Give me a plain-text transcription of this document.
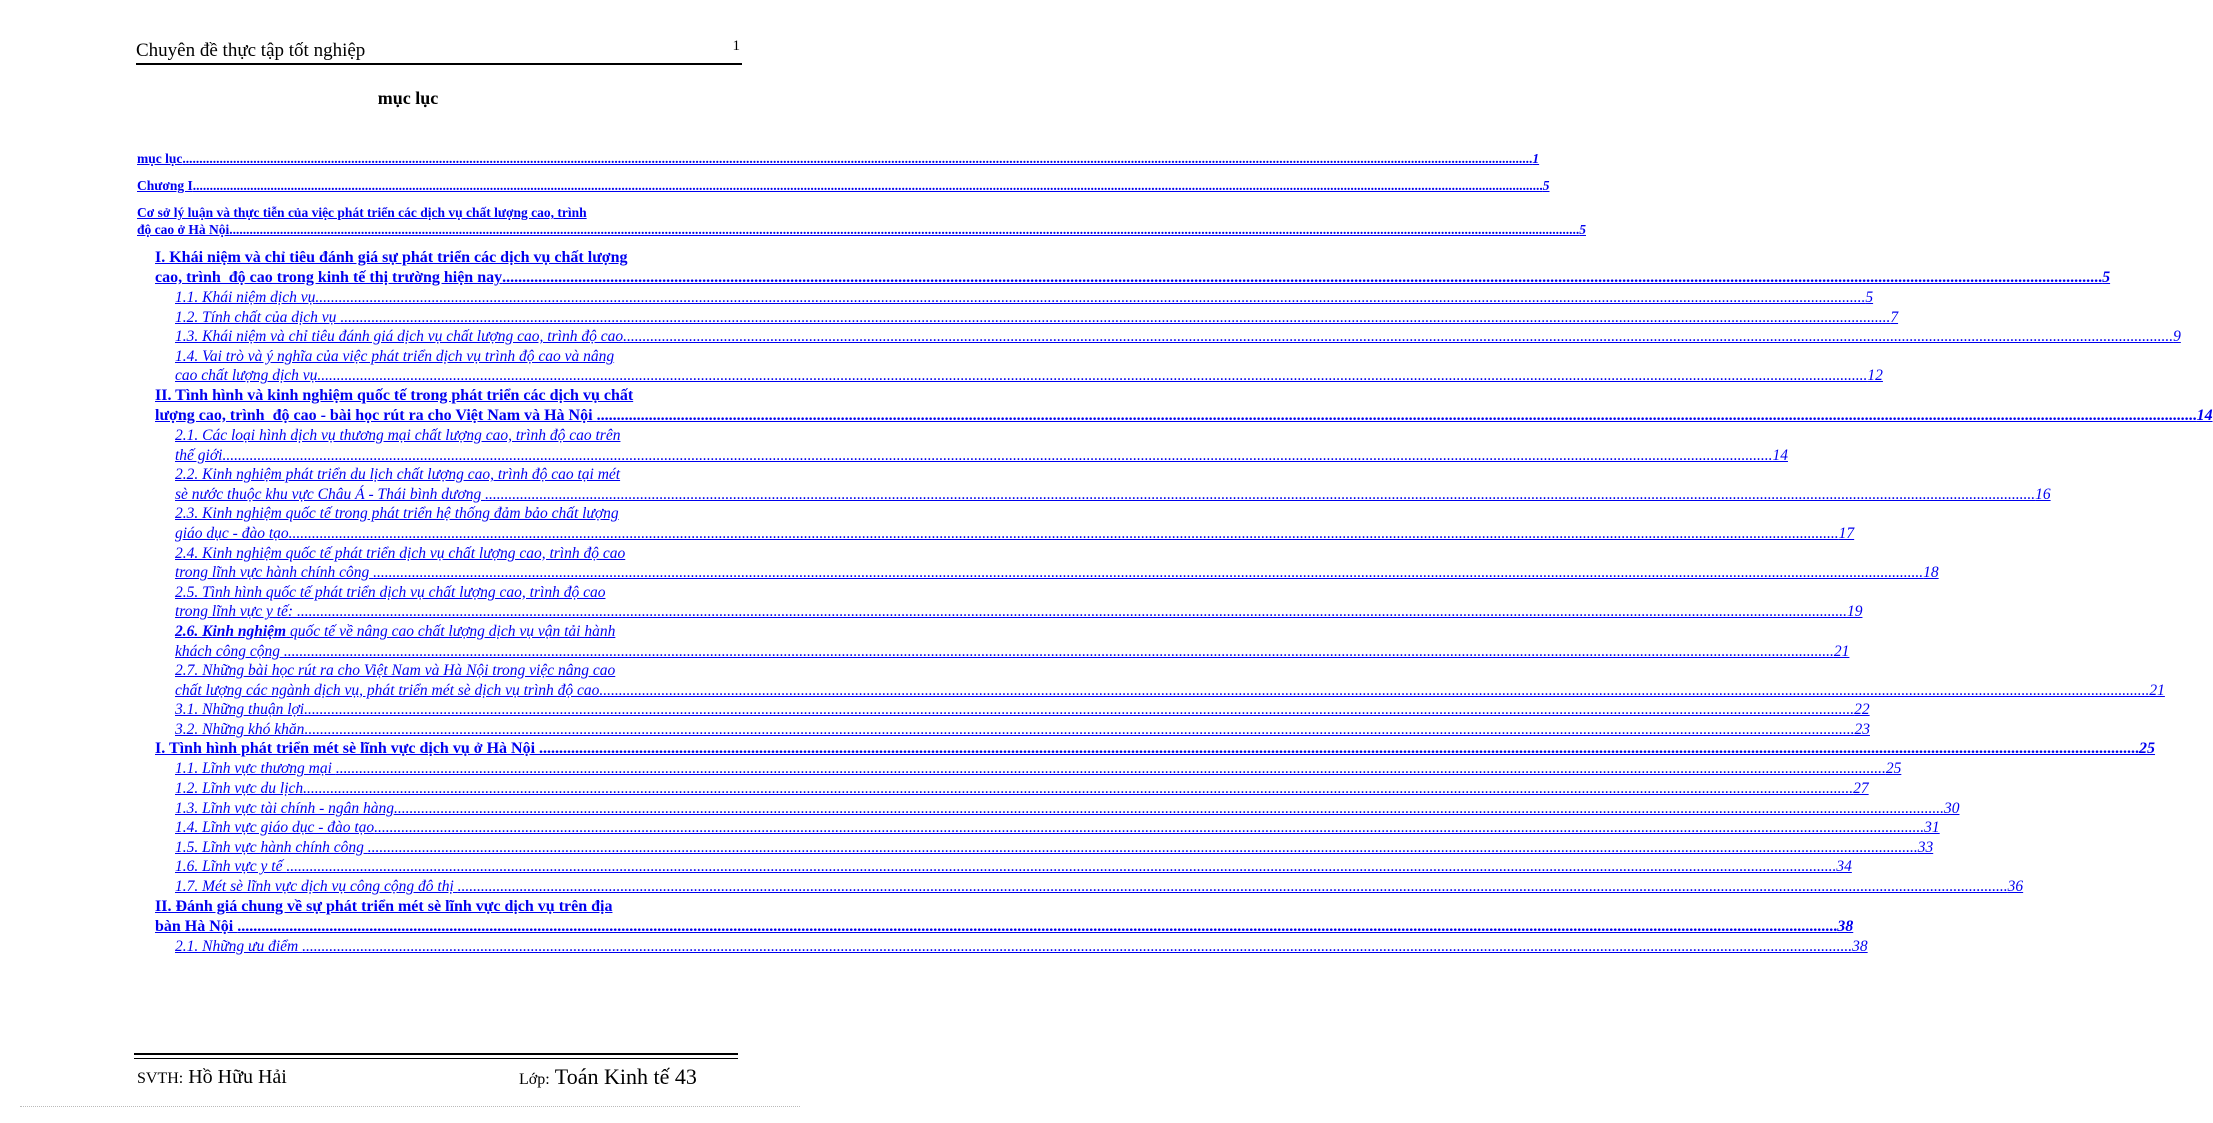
Chuyên đề thực tập tốt nghiệp	1
mục lục
mục lục ................................................................................................................................................................................................................................................................................................................................................................................................................ 1
Chương I ................................................................................................................................................................................................................................................................................................................................................................................................................ 5
Cơ sở lý luận và thực tiễn của việc phát triển các dịch vụ chất lượng cao, trình
độ cao ở Hà Nội ................................................................................................................................................................................................................................................................................................................................................................................................................ 5
I. Khái niệm và chỉ tiêu đánh giá sự phát triển các dịch vụ chất lượng
cao, trình  độ cao trong kinh tế thị trường hiện nay ................................................................................................................................................................................................................................................................................................................................................................................................................ 5
1.1. Khái niệm dịch vụ ................................................................................................................................................................................................................................................................................................................................................................................................................ 5
1.2. Tính chất của dịch vụ ................................................................................................................................................................................................................................................................................................................................................................................................................ 7
1.3. Khái niệm và chỉ tiêu đánh giá dịch vụ chất lượng cao, trình độ cao ................................................................................................................................................................................................................................................................................................................................................................................................................ 9
1.4. Vai trò và ý nghĩa của việc phát triển dịch vụ trình độ cao và nâng
cao chất lượng dịch vụ ................................................................................................................................................................................................................................................................................................................................................................................................................ 12
II. Tình hình và kinh nghiệm quốc tế trong phát triển các dịch vụ chất
lượng cao, trình  độ cao - bài học rút ra cho Việt Nam và Hà Nội ................................................................................................................................................................................................................................................................................................................................................................................................................ 14
2.1. Các loại hình dịch vụ thương mại chất lượng cao, trình độ cao trên
thế giới ................................................................................................................................................................................................................................................................................................................................................................................................................ 14
2.2. Kinh nghiệm phát triển du lịch chất lượng cao, trình độ cao tại mét
sè nước thuộc khu vực Châu Á - Thái bình dương ................................................................................................................................................................................................................................................................................................................................................................................................................ 16
2.3. Kinh nghiệm quốc tế trong phát triển hệ thống đảm bảo chất lượng
giáo dục - đào tạo ................................................................................................................................................................................................................................................................................................................................................................................................................ 17
2.4. Kinh nghiệm quốc tế phát triển dịch vụ chất lượng cao, trình độ cao
trong lĩnh vực hành chính công ................................................................................................................................................................................................................................................................................................................................................................................................................ 18
2.5. Tình hình quốc tế phát triển dịch vụ chất lượng cao, trình độ cao
trong lĩnh vực y tế: ................................................................................................................................................................................................................................................................................................................................................................................................................ 19
2.6. Kinh nghiệm quốc tế về nâng cao chất lượng dịch vụ vận tải hành
khách công cộng ................................................................................................................................................................................................................................................................................................................................................................................................................ 21
2.7. Những bài học rút ra cho Việt Nam và Hà Nội trong việc nâng cao
chất lượng các ngành dịch vụ, phát triển mét sè dịch vụ trình độ cao ................................................................................................................................................................................................................................................................................................................................................................................................................ 21
3.1. Những thuận lợi ................................................................................................................................................................................................................................................................................................................................................................................................................ 22
3.2. Những khó khăn ................................................................................................................................................................................................................................................................................................................................................................................................................ 23
I. Tình hình phát triển mét sè lĩnh vực dịch vụ ở Hà Nội ................................................................................................................................................................................................................................................................................................................................................................................................................ 25
1.1. Lĩnh vực thương mại ................................................................................................................................................................................................................................................................................................................................................................................................................ 25
1.2. Lĩnh vực du lịch ................................................................................................................................................................................................................................................................................................................................................................................................................ 27
1.3. Lĩnh vực tài chính - ngân hàng ................................................................................................................................................................................................................................................................................................................................................................................................................ 30
1.4. Lĩnh vực giáo dục - đào tạo ................................................................................................................................................................................................................................................................................................................................................................................................................ 31
1.5. Lĩnh vực hành chính công ................................................................................................................................................................................................................................................................................................................................................................................................................ 33
1.6. Lĩnh vực y tế ................................................................................................................................................................................................................................................................................................................................................................................................................ 34
1.7. Mét sè lĩnh vực dịch vụ công cộng đô thị ................................................................................................................................................................................................................................................................................................................................................................................................................ 36
II. Đánh giá chung về sự phát triển mét sè lĩnh vực dịch vụ trên địa
bàn Hà Nội ................................................................................................................................................................................................................................................................................................................................................................................................................ 38
2.1. Những ưu điểm ................................................................................................................................................................................................................................................................................................................................................................................................................ 38
SVTH: Hồ Hữu Hải	Lớp: Toán Kinh tế 43
